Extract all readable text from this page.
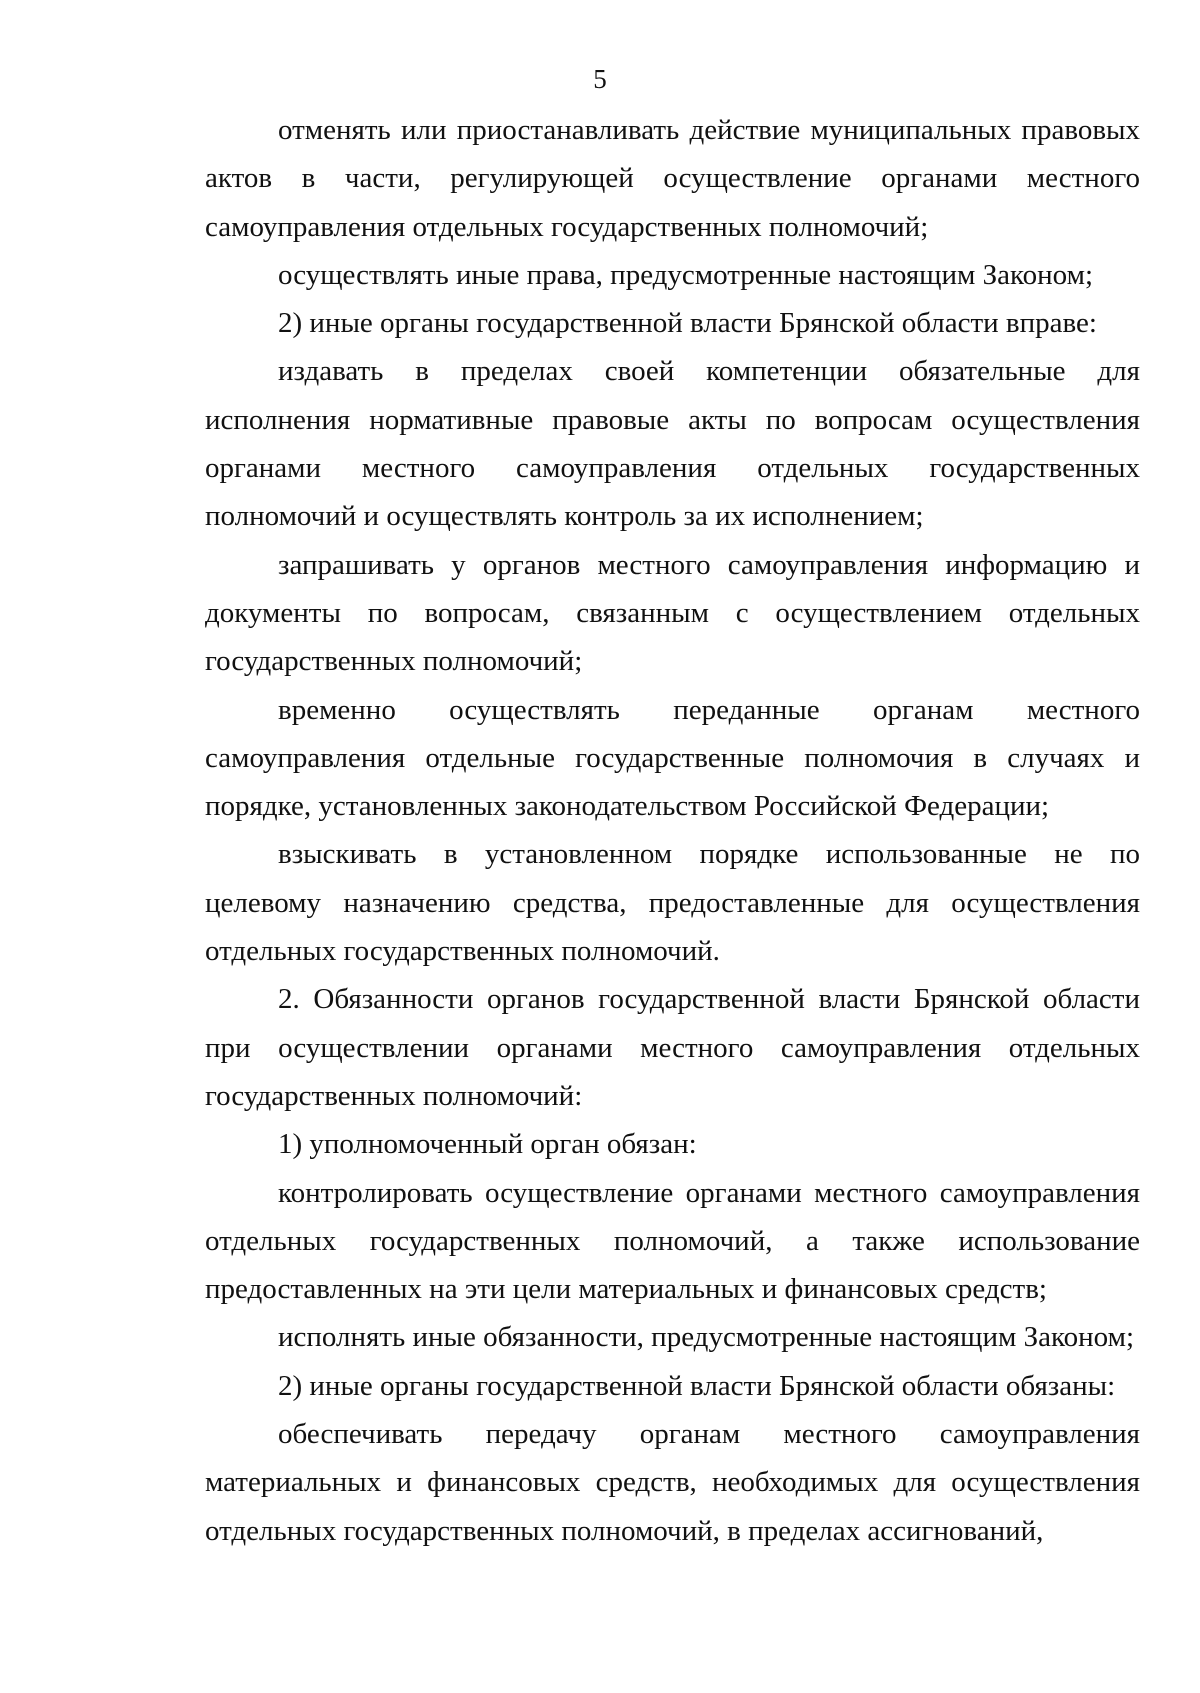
5

отменять или приостанавливать действие муниципальных правовых актов в части, регулирующей осуществление органами местного самоуправления отдельных государственных полномочий;

осуществлять иные права, предусмотренные настоящим Законом;

2) иные органы государственной власти Брянской области вправе:

издавать в пределах своей компетенции обязательные для исполнения нормативные правовые акты по вопросам осуществления органами местного самоуправления отдельных государственных полномочий и осуществлять контроль за их исполнением;

запрашивать у органов местного самоуправления информацию и документы по вопросам, связанным с осуществлением отдельных государственных полномочий;

временно осуществлять переданные органам местного самоуправления отдельные государственные полномочия в случаях и порядке, установленных законодательством Российской Федерации;

взыскивать в установленном порядке использованные не по целевому назначению средства, предоставленные для осуществления отдельных государственных полномочий.

2. Обязанности органов государственной власти Брянской области при осуществлении органами местного самоуправления отдельных государственных полномочий:

1) уполномоченный орган обязан:

контролировать осуществление органами местного самоуправления отдельных государственных полномочий, а также использование предоставленных на эти цели материальных и финансовых средств;

исполнять иные обязанности, предусмотренные настоящим Законом;

2) иные органы государственной власти Брянской области обязаны:

обеспечивать передачу органам местного самоуправления материальных и финансовых средств, необходимых для осуществления отдельных государственных полномочий, в пределах ассигнований,
